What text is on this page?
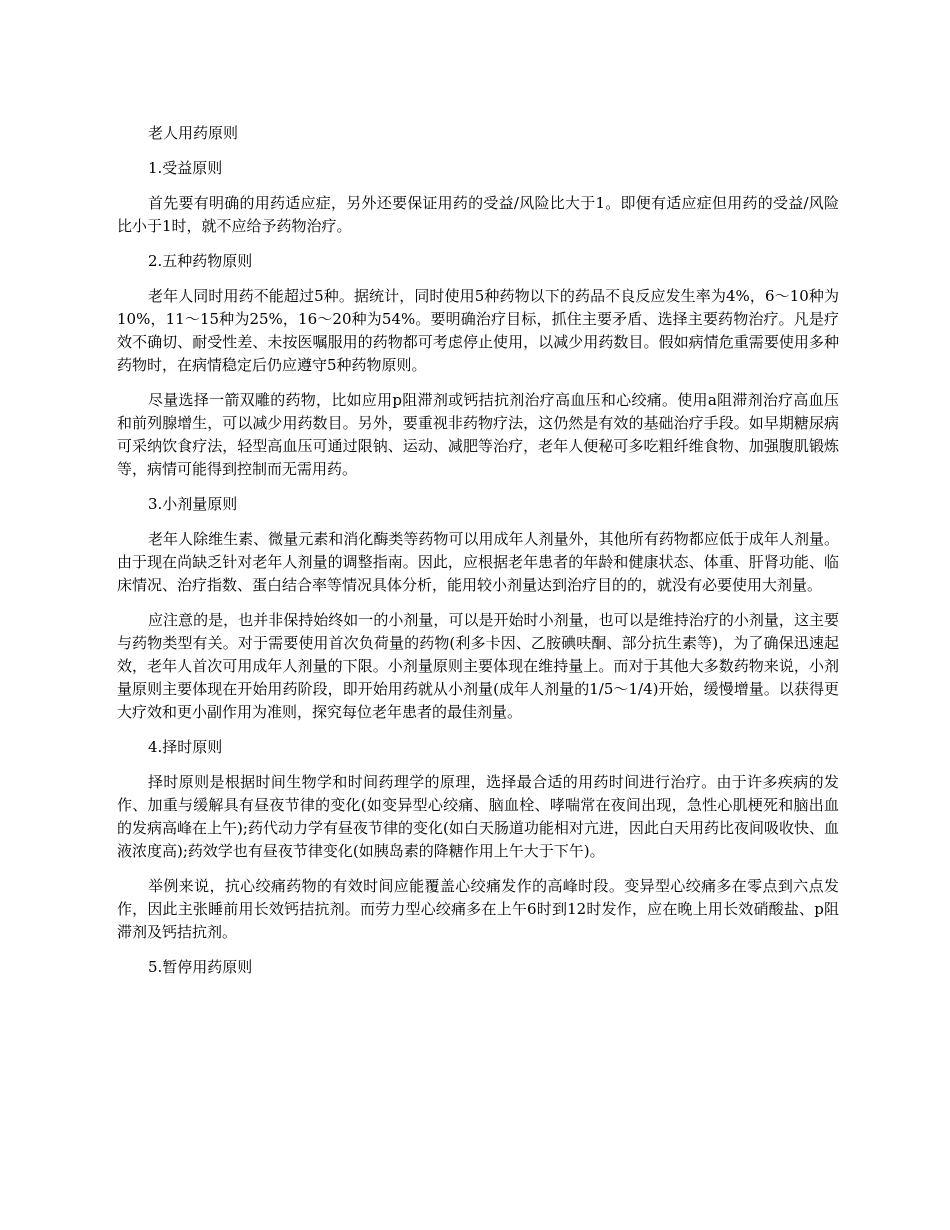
老人用药原则
1.受益原则

首先要有明确的用药适应症，另外还要保证用药的受益/风险比大于1。即便有适应症但用药的受益/风险比小于1时，就不应给予药物治疗。

2.五种药物原则

老年人同时用药不能超过5种。据统计，同时使用5种药物以下的药品不良反应发生率为4%，6～10种为10%，11～15种为25%，16～20种为54%。要明确治疗目标，抓住主要矛盾、选择主要药物治疗。凡是疗效不确切、耐受性差、未按医嘱服用的药物都可考虑停止使用，以减少用药数目。假如病情危重需要使用多种药物时，在病情稳定后仍应遵守5种药物原则。

尽量选择一箭双雕的药物，比如应用p阻滞剂或钙拮抗剂治疗高血压和心绞痛。使用a阻滞剂治疗高血压和前列腺增生，可以减少用药数目。另外，要重视非药物疗法，这仍然是有效的基础治疗手段。如早期糖尿病可采纳饮食疗法，轻型高血压可通过限钠、运动、减肥等治疗，老年人便秘可多吃粗纤维食物、加强腹肌锻炼等，病情可能得到控制而无需用药。

3.小剂量原则

老年人除维生素、微量元素和消化酶类等药物可以用成年人剂量外，其他所有药物都应低于成年人剂量。由于现在尚缺乏针对老年人剂量的调整指南。因此，应根据老年患者的年龄和健康状态、体重、肝肾功能、临床情况、治疗指数、蛋白结合率等情况具体分析，能用较小剂量达到治疗目的的，就没有必要使用大剂量。

应注意的是，也并非保持始终如一的小剂量，可以是开始时小剂量，也可以是维持治疗的小剂量，这主要与药物类型有关。对于需要使用首次负荷量的药物(利多卡因、乙胺碘呋酮、部分抗生素等)，为了确保迅速起效，老年人首次可用成年人剂量的下限。小剂量原则主要体现在维持量上。而对于其他大多数药物来说，小剂量原则主要体现在开始用药阶段，即开始用药就从小剂量(成年人剂量的1/5～1/4)开始，缓慢增量。以获得更大疗效和更小副作用为准则，探究每位老年患者的最佳剂量。

4.择时原则

择时原则是根据时间生物学和时间药理学的原理，选择最合适的用药时间进行治疗。由于许多疾病的发作、加重与缓解具有昼夜节律的变化(如变异型心绞痛、脑血栓、哮喘常在夜间出现，急性心肌梗死和脑出血的发病高峰在上午);药代动力学有昼夜节律的变化(如白天肠道功能相对亢进，因此白天用药比夜间吸收快、血液浓度高);药效学也有昼夜节律变化(如胰岛素的降糖作用上午大于下午)。

举例来说，抗心绞痛药物的有效时间应能覆盖心绞痛发作的高峰时段。变异型心绞痛多在零点到六点发作，因此主张睡前用长效钙拮抗剂。而劳力型心绞痛多在上午6时到12时发作，应在晚上用长效硝酸盐、p阻滞剂及钙拮抗剂。

5.暂停用药原则
